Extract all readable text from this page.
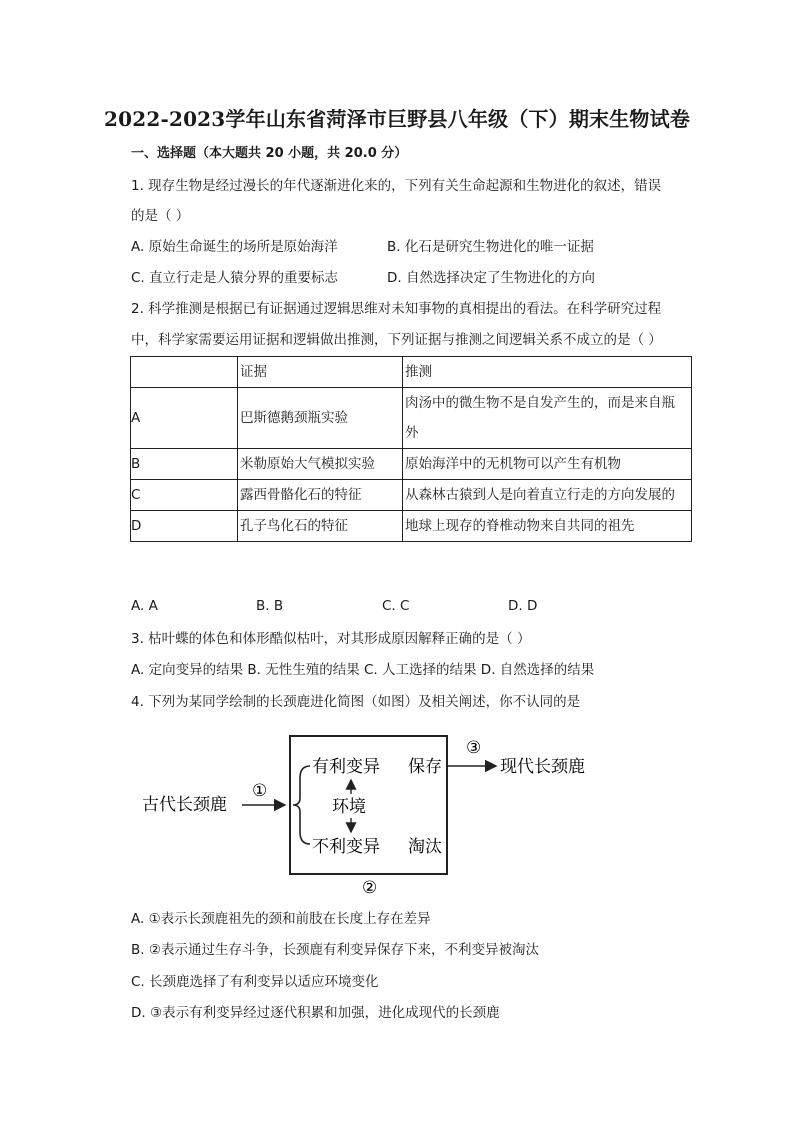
2022-2023学年山东省菏泽市巨野县八年级（下）期末生物试卷
一、选择题（本大题共 20 小题，共 20.0 分）
1. 现存生物是经过漫长的年代逐渐进化来的，下列有关生命起源和生物进化的叙述，错误
的是（ ）
A. 原始生命诞生的场所是原始海洋	B. 化石是研究生物进化的唯一证据
C. 直立行走是人猿分界的重要标志	D. 自然选择决定了生物进化的方向
2. 科学推测是根据已有证据通过逻辑思维对未知事物的真相提出的看法。在科学研究过程
中，科学家需要运用证据和逻辑做出推测，下列证据与推测之间逻辑关系不成立的是（ ）
	证据	推测
A	巴斯德鹅颈瓶实验	肉汤中的微生物不是自发产生的，而是来自瓶
外
B	米勒原始大气模拟实验	原始海洋中的无机物可以产生有机物
C	露西骨骼化石的特征	从森林古猿到人是向着直立行走的方向发展的
D	孔子鸟化石的特征	地球上现存的脊椎动物来自共同的祖先
A. A	B. B	C. C	D. D
3. 枯叶蝶的体色和体形酷似枯叶，对其形成原因解释正确的是（ ）
A. 定向变异的结果 B. 无性生殖的结果 C. 人工选择的结果 D. 自然选择的结果
4. 下列为某同学绘制的长颈鹿进化简图（如图）及相关阐述，你不认同的是
古代长颈鹿
①
有利变异 保存
环境
不利变异 淘汰
②
③
现代长颈鹿
A. ①表示长颈鹿祖先的颈和前肢在长度上存在差异
B. ②表示通过生存斗争，长颈鹿有利变异保存下来，不利变异被淘汰
C. 长颈鹿选择了有利变异以适应环境变化
D. ③表示有利变异经过逐代积累和加强，进化成现代的长颈鹿
